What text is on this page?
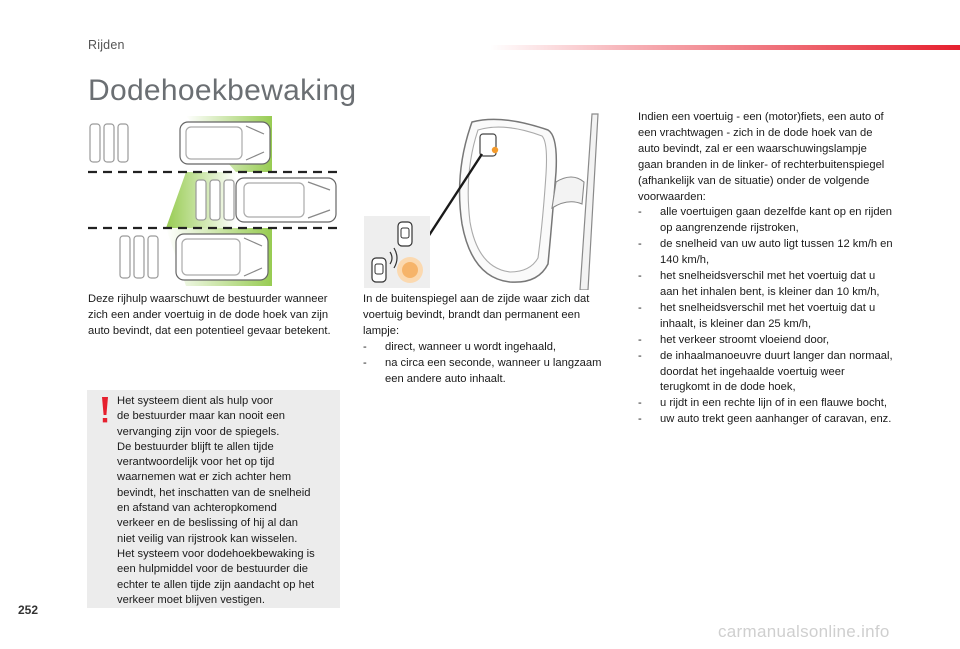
Rijden
Dodehoekbewaking

Deze rijhulp waarschuwt de bestuurder wanneer zich een ander voertuig in de dode hoek van zijn auto bevindt, dat een potentieel gevaar betekent.

Het systeem dient als hulp voor
de bestuurder maar kan nooit een
vervanging zijn voor de spiegels.
De bestuurder blijft te allen tijde
verantwoordelijk voor het op tijd
waarnemen wat er zich achter hem
bevindt, het inschatten van de snelheid
en afstand van achteropkomend
verkeer en de beslissing of hij al dan
niet veilig van rijstrook kan wisselen.
Het systeem voor dodehoekbewaking is
een hulpmiddel voor de bestuurder die
echter te allen tijde zijn aandacht op het
verkeer moet blijven vestigen.

In de buitenspiegel aan de zijde waar zich dat voertuig bevindt, brandt dan permanent een lampje:

- direct, wanneer u wordt ingehaald,
- na circa een seconde, wanneer u langzaam een andere auto inhaalt.

Indien een voertuig - een (motor)fiets, een auto of een vrachtwagen - zich in de dode hoek van de auto bevindt, zal er een waarschuwingslampje gaan branden in de linker- of rechterbuitenspiegel (afhankelijk van de situatie) onder de volgende voorwaarden:

- alle voertuigen gaan dezelfde kant op en rijden op aangrenzende rijstroken,
- de snelheid van uw auto ligt tussen 12 km/h en 140 km/h,
- het snelheidsverschil met het voertuig dat u aan het inhalen bent, is kleiner dan 10 km/h,
- het snelheidsverschil met het voertuig dat u inhaalt, is kleiner dan 25 km/h,
- het verkeer stroomt vloeiend door,
- de inhaalmanoeuvre duurt langer dan normaal, doordat het ingehaalde voertuig weer terugkomt in de dode hoek,
- u rijdt in een rechte lijn of in een flauwe bocht,
- uw auto trekt geen aanhanger of caravan, enz.
252
carmanualsonline.info
